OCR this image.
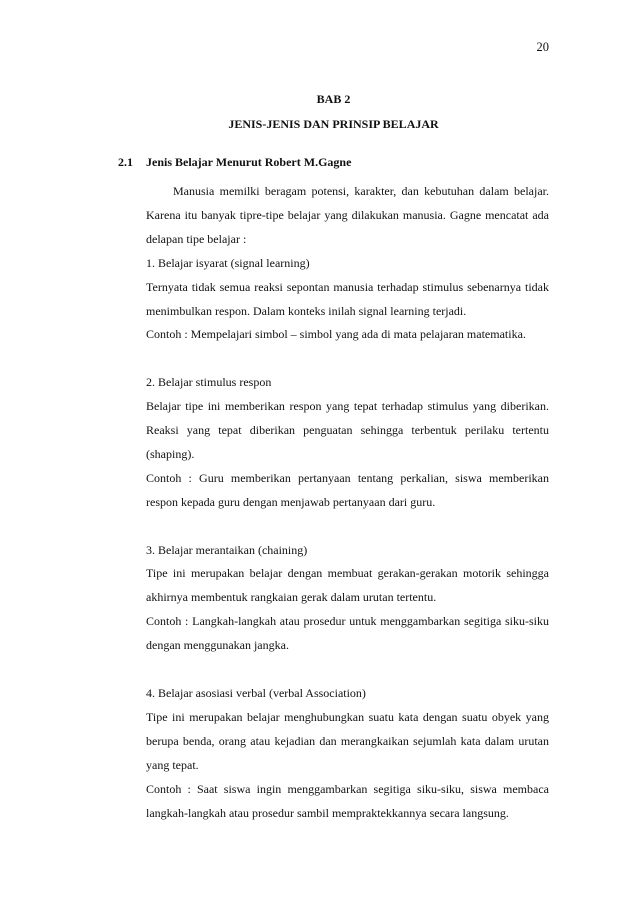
20
BAB 2
JENIS-JENIS DAN PRINSIP BELAJAR
2.1 Jenis Belajar Menurut Robert M.Gagne

Manusia memilki beragam potensi, karakter, dan kebutuhan dalam belajar. Karena itu banyak tipre-tipe belajar yang dilakukan manusia. Gagne mencatat ada delapan tipe belajar :

1. Belajar isyarat (signal learning)

Ternyata tidak semua reaksi sepontan manusia terhadap stimulus sebenarnya tidak menimbulkan respon. Dalam konteks inilah signal learning terjadi.

Contoh : Mempelajari simbol – simbol yang ada di mata pelajaran matematika.

2. Belajar stimulus respon

Belajar tipe ini memberikan respon yang tepat terhadap stimulus yang diberikan. Reaksi yang tepat diberikan penguatan sehingga terbentuk perilaku tertentu (shaping).

Contoh : Guru memberikan pertanyaan tentang perkalian, siswa memberikan respon kepada guru dengan menjawab pertanyaan dari guru.

3. Belajar merantaikan (chaining)

Tipe ini merupakan belajar dengan membuat gerakan-gerakan motorik sehingga akhirnya membentuk rangkaian gerak dalam urutan tertentu.

Contoh : Langkah-langkah atau prosedur untuk menggambarkan segitiga siku-siku dengan menggunakan jangka.

4. Belajar asosiasi verbal (verbal Association)

Tipe ini merupakan belajar menghubungkan suatu kata dengan suatu obyek yang berupa benda, orang atau kejadian dan merangkaikan sejumlah kata dalam urutan yang tepat.

Contoh : Saat siswa ingin menggambarkan segitiga siku-siku, siswa membaca langkah-langkah atau prosedur sambil mempraktekkannya secara langsung.
